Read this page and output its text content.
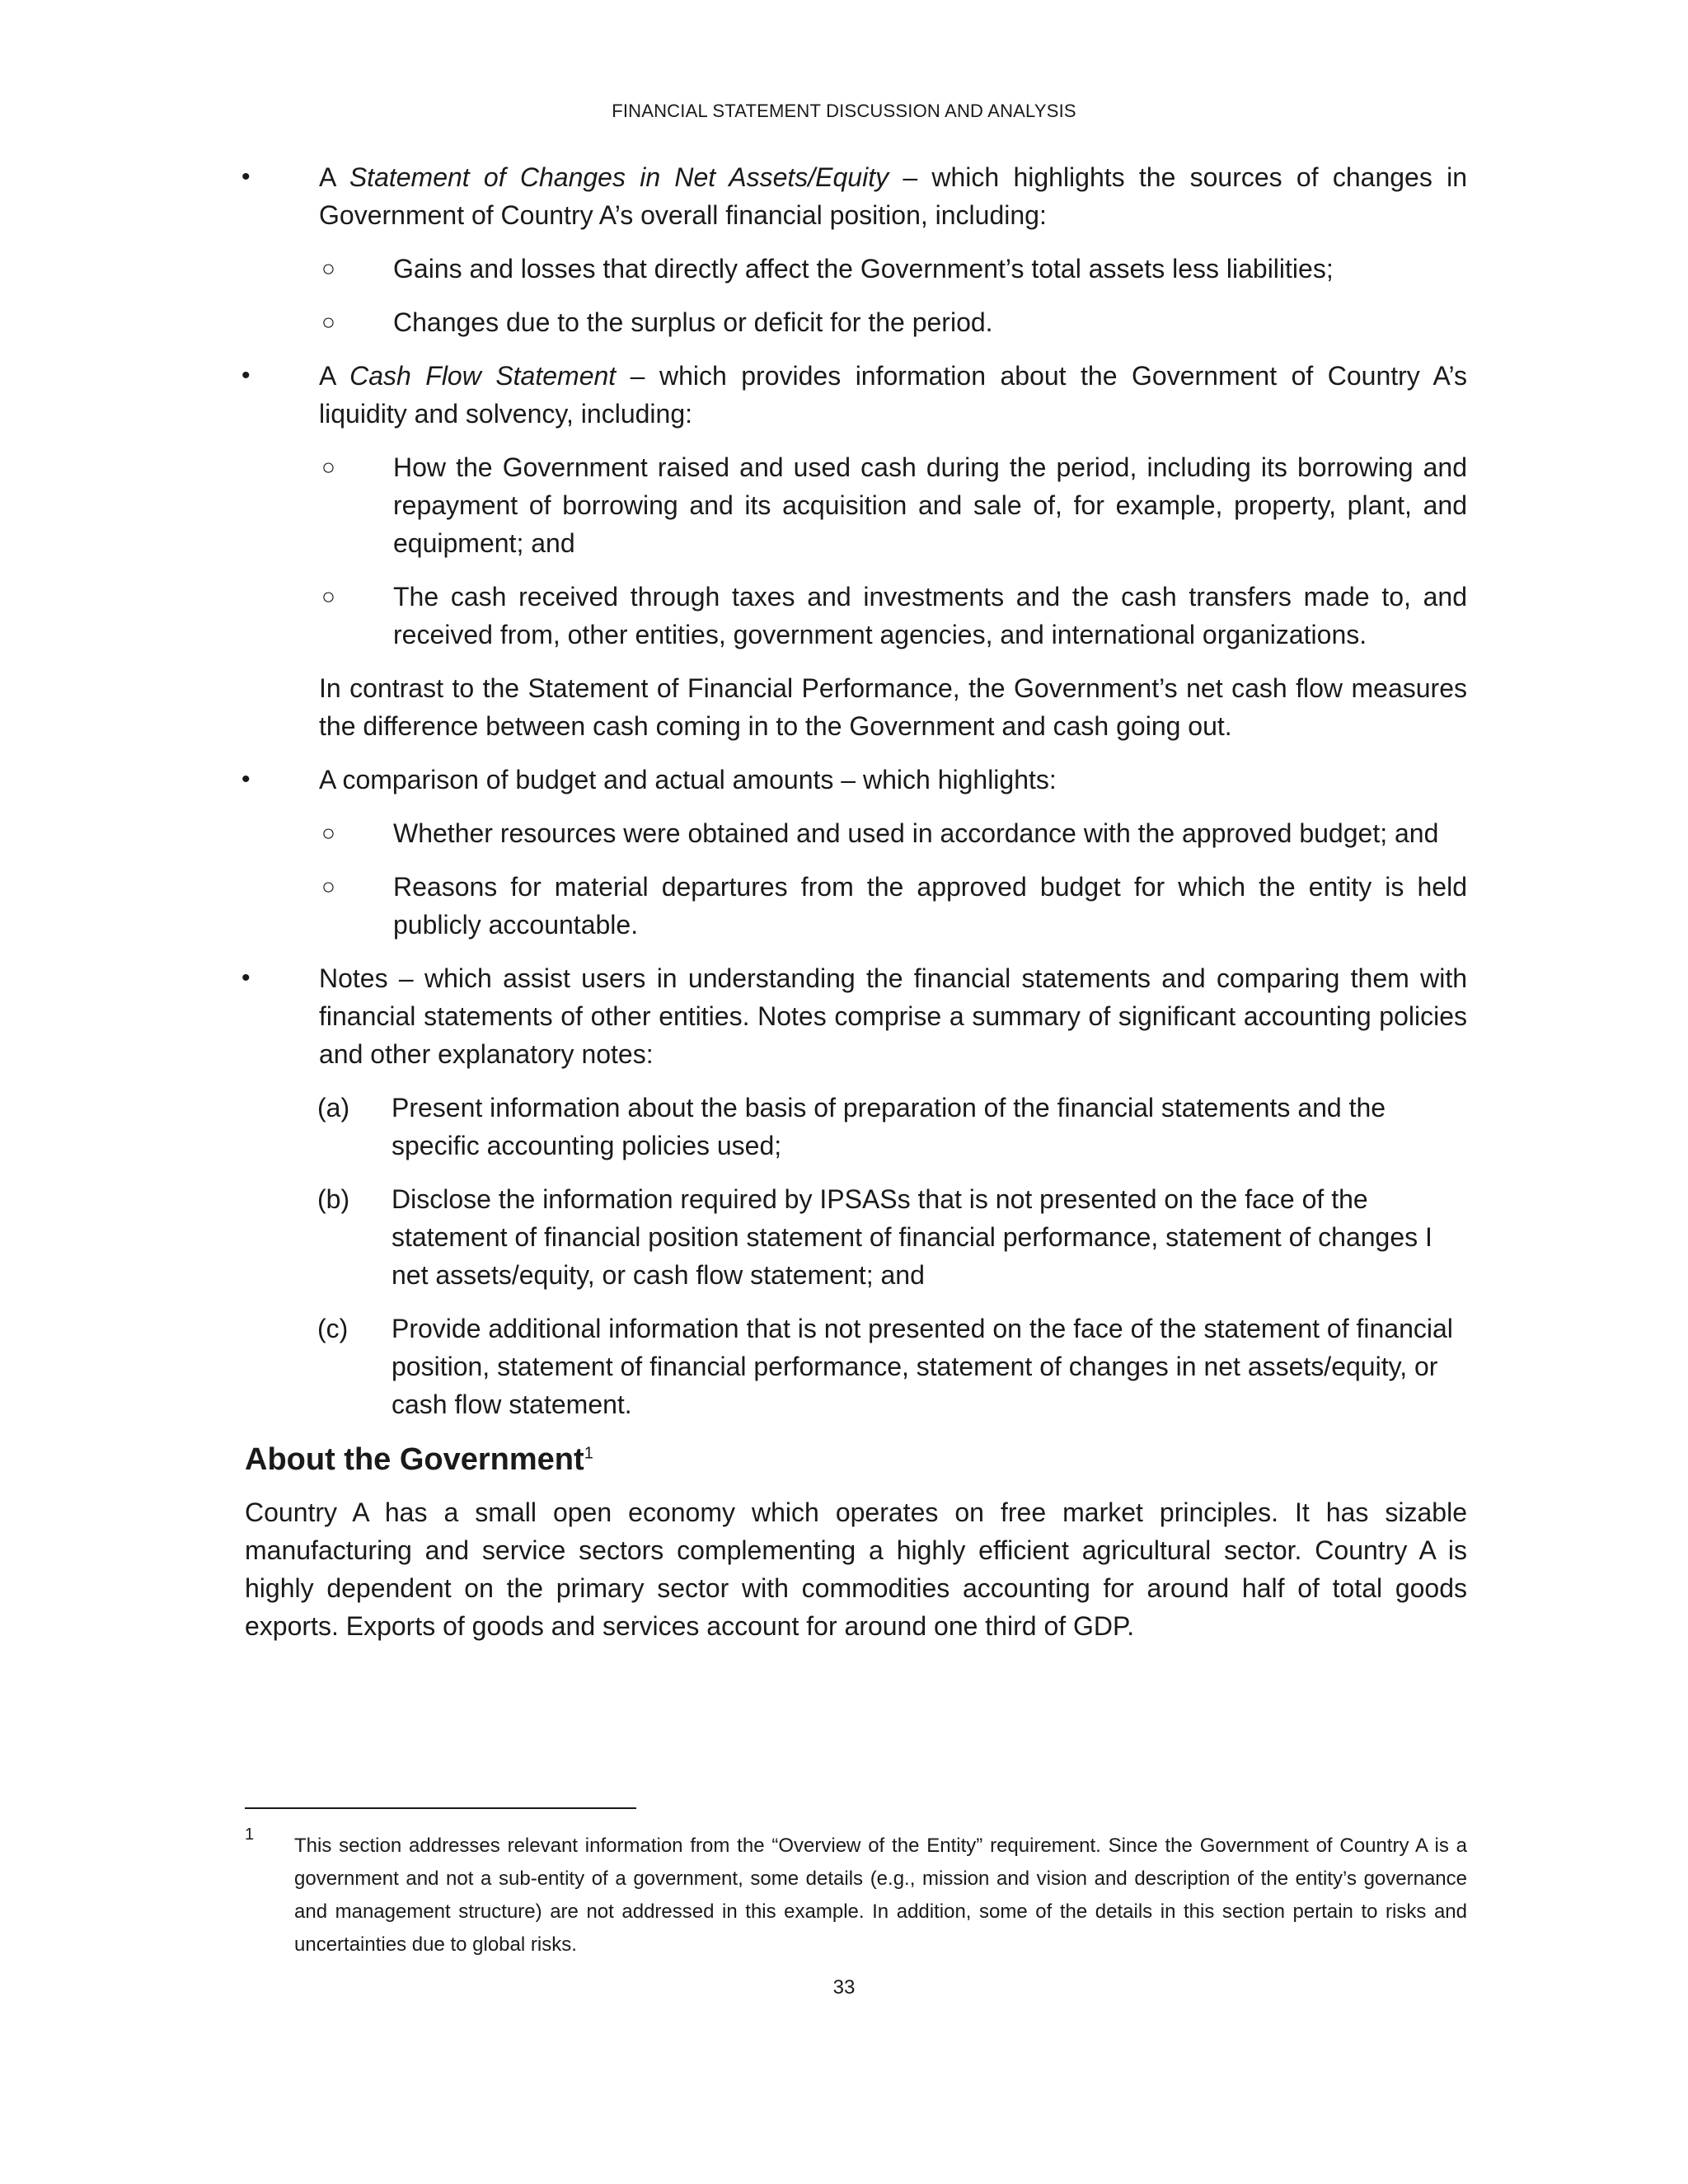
FINANCIAL STATEMENT DISCUSSION AND ANALYSIS
•	A Statement of Changes in Net Assets/Equity – which highlights the sources of changes in Government of Country A’s overall financial position, including:
○ Gains and losses that directly affect the Government’s total assets less liabilities;
○ Changes due to the surplus or deficit for the period.
•	A Cash Flow Statement – which provides information about the Government of Country A’s liquidity and solvency, including:
○ How the Government raised and used cash during the period, including its borrowing and repayment of borrowing and its acquisition and sale of, for example, property, plant, and equipment; and
○ The cash received through taxes and investments and the cash transfers made to, and received from, other entities, government agencies, and international organizations.
In contrast to the Statement of Financial Performance, the Government’s net cash flow measures the difference between cash coming in to the Government and cash going out.
•	A comparison of budget and actual amounts – which highlights:
○ Whether resources were obtained and used in accordance with the approved budget; and
○ Reasons for material departures from the approved budget for which the entity is held publicly accountable.
•	Notes – which assist users in understanding the financial statements and comparing them with financial statements of other entities. Notes comprise a summary of significant accounting policies and other explanatory notes:
(a) Present information about the basis of preparation of the financial statements and the specific accounting policies used;
(b) Disclose the information required by IPSASs that is not presented on the face of the statement of financial position statement of financial performance, statement of changes I net assets/equity, or cash flow statement; and
(c) Provide additional information that is not presented on the face of the statement of financial position, statement of financial performance, statement of changes in net assets/equity, or cash flow statement.
About the Government$^1$

Country A has a small open economy which operates on free market principles. It has sizable manufacturing and service sectors complementing a highly efficient agricultural sector. Country A is highly dependent on the primary sector with commodities accounting for around half of total goods exports. Exports of goods and services account for around one third of GDP.

1	This section addresses relevant information from the “Overview of the Entity” requirement. Since the Government of Country A is a government and not a sub-entity of a government, some details (e.g., mission and vision and description of the entity’s governance and management structure) are not addressed in this example. In addition, some of the details in this section pertain to risks and uncertainties due to global risks.
33
